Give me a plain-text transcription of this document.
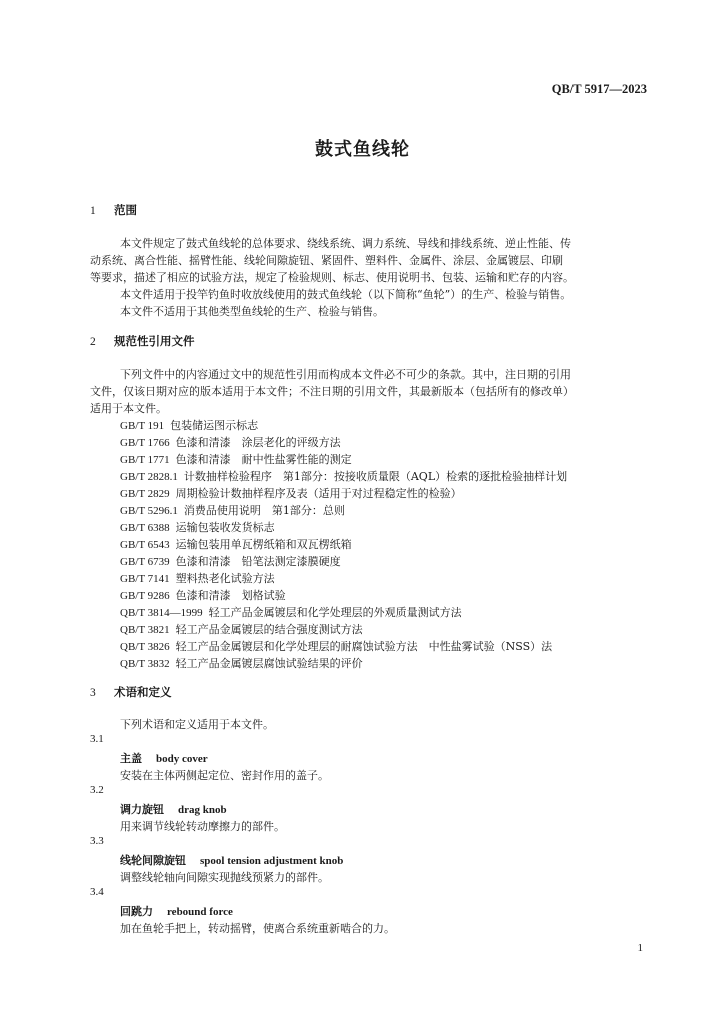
QB/T 5917—2023
鼓式鱼线轮
1 范围
本文件规定了鼓式鱼线轮的总体要求、绕线系统、调力系统、导线和排线系统、逆止性能、传
动系统、离合性能、摇臂性能、线轮间隙旋钮、紧固件、塑料件、金属件、涂层、金属镀层、印刷
等要求，描述了相应的试验方法，规定了检验规则、标志、使用说明书、包装、运输和贮存的内容。
本文件适用于投竿钓鱼时收放线使用的鼓式鱼线轮（以下简称“鱼轮”）的生产、检验与销售。
本文件不适用于其他类型鱼线轮的生产、检验与销售。
2 规范性引用文件
下列文件中的内容通过文中的规范性引用而构成本文件必不可少的条款。其中，注日期的引用
文件，仅该日期对应的版本适用于本文件；不注日期的引用文件，其最新版本（包括所有的修改单）
适用于本文件。
GB/T 191 包装储运图示标志
GB/T 1766 色漆和清漆　涂层老化的评级方法
GB/T 1771 色漆和清漆　耐中性盐雾性能的测定
GB/T 2828.1 计数抽样检验程序　第1部分：按接收质量限（AQL）检索的逐批检验抽样计划
GB/T 2829 周期检验计数抽样程序及表（适用于对过程稳定性的检验）
GB/T 5296.1 消费品使用说明　第1部分：总则
GB/T 6388 运输包装收发货标志
GB/T 6543 运输包装用单瓦楞纸箱和双瓦楞纸箱
GB/T 6739 色漆和清漆　铅笔法测定漆膜硬度
GB/T 7141 塑料热老化试验方法
GB/T 9286 色漆和清漆　划格试验
QB/T 3814—1999 轻工产品金属镀层和化学处理层的外观质量测试方法
QB/T 3821 轻工产品金属镀层的结合强度测试方法
QB/T 3826 轻工产品金属镀层和化学处理层的耐腐蚀试验方法　中性盐雾试验（NSS）法
QB/T 3832 轻工产品金属镀层腐蚀试验结果的评价
3 术语和定义
下列术语和定义适用于本文件。
3.1
主盖 body cover
安装在主体两侧起定位、密封作用的盖子。
3.2
调力旋钮 drag knob
用来调节线轮转动摩擦力的部件。
3.3
线轮间隙旋钮 spool tension adjustment knob
调整线轮轴向间隙实现抛线预紧力的部件。
3.4
回跳力 rebound force
加在鱼轮手把上，转动摇臂，使离合系统重新啮合的力。
1
